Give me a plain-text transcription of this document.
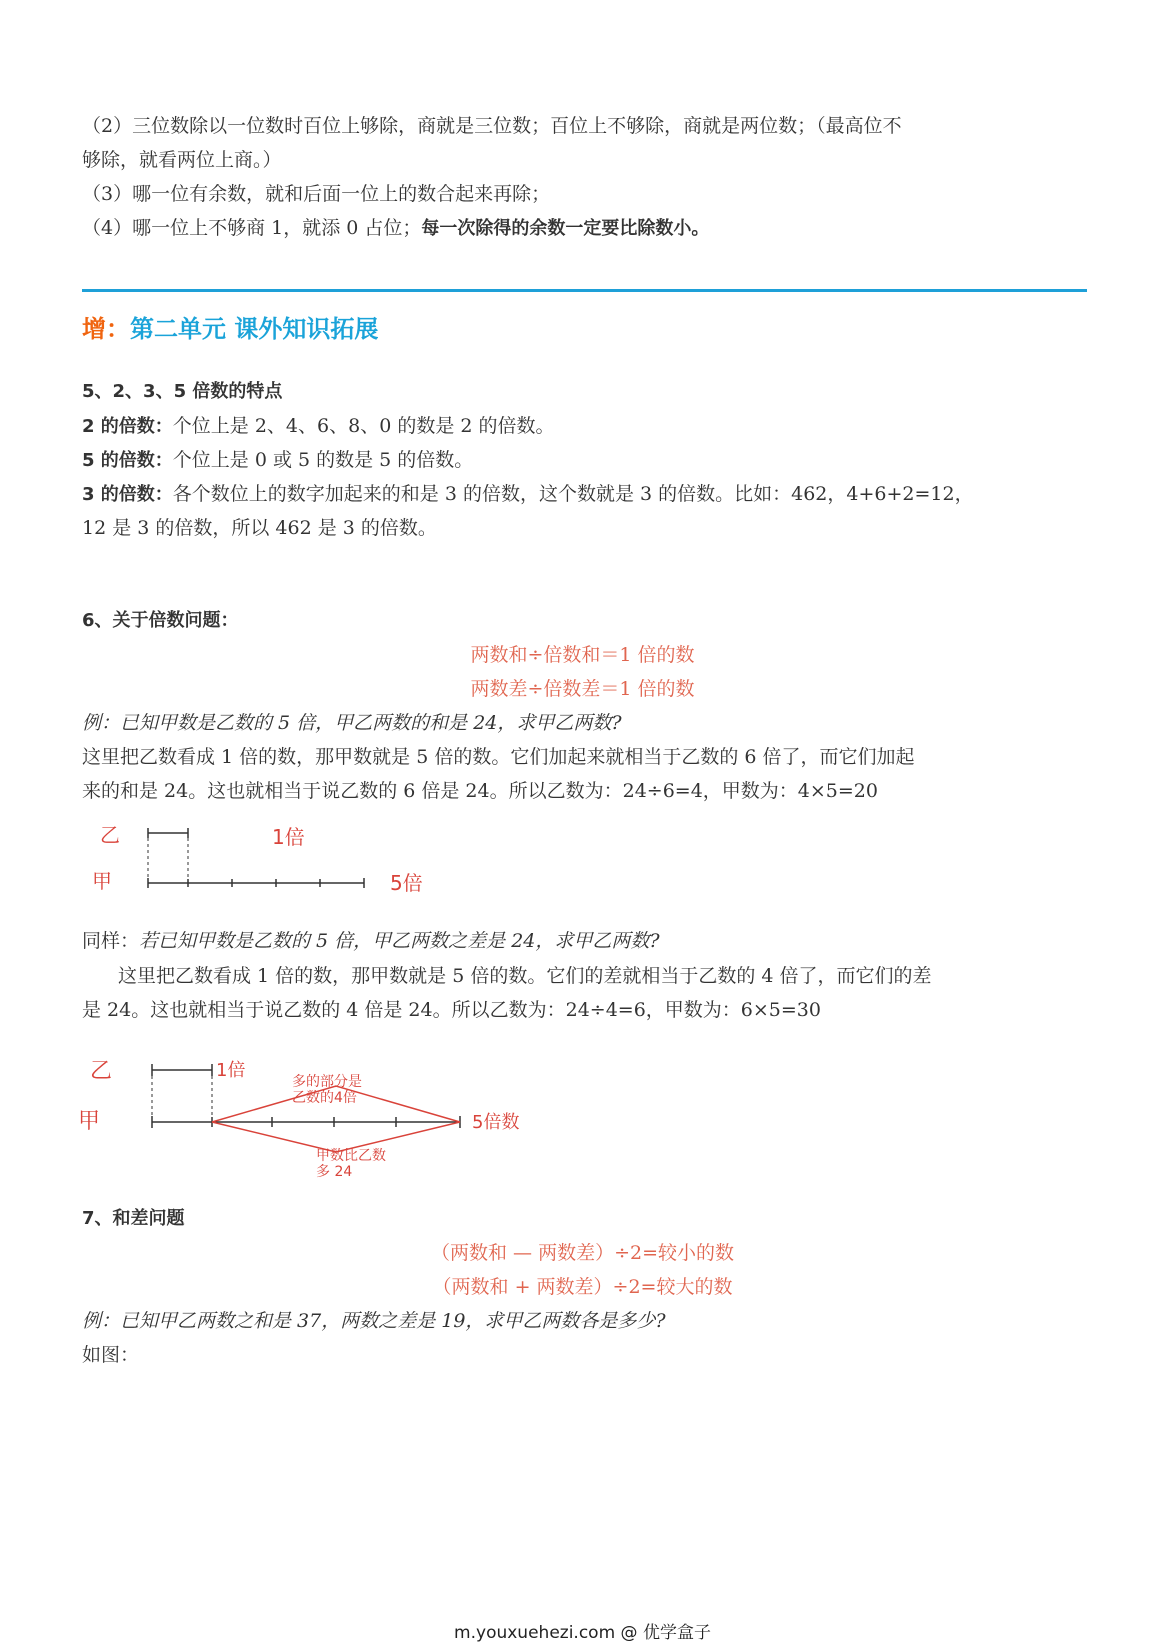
（2）三位数除以一位数时百位上够除，商就是三位数；百位上不够除，商就是两位数；（最高位不
够除，就看两位上商。）
（3）哪一位有余数，就和后面一位上的数合起来再除；
（4）哪一位上不够商 1，就添 0 占位；每一次除得的余数一定要比除数小。
增：第二单元 课外知识拓展
5、2、3、5 倍数的特点
2 的倍数：个位上是 2、4、6、8、0 的数是 2 的倍数。
5 的倍数：个位上是 0 或 5 的数是 5 的倍数。
3 的倍数：各个数位上的数字加起来的和是 3 的倍数，这个数就是 3 的倍数。比如：462，4+6+2=12，
12 是 3 的倍数，所以 462 是 3 的倍数。
6、关于倍数问题：
两数和÷倍数和＝1 倍的数
两数差÷倍数差＝1 倍的数
例：已知甲数是乙数的 5 倍，甲乙两数的和是 24，求甲乙两数?
这里把乙数看成 1 倍的数，那甲数就是 5 倍的数。它们加起来就相当于乙数的 6 倍了，而它们加起
来的和是 24。这也就相当于说乙数的 6 倍是 24。所以乙数为：24÷6=4，甲数为：4×5=20
乙
甲
1倍
5倍
同样：若已知甲数是乙数的 5 倍，甲乙两数之差是 24，求甲乙两数?
这里把乙数看成 1 倍的数，那甲数就是 5 倍的数。它们的差就相当于乙数的 4 倍了，而它们的差
是 24。这也就相当于说乙数的 4 倍是 24。所以乙数为：24÷4=6，甲数为：6×5=30
乙
甲
1倍
多的部分是
乙数的4倍
5倍数
甲数比乙数
多 24
7、和差问题
（两数和 — 两数差）÷2=较小的数
（两数和 + 两数差）÷2=较大的数
例：已知甲乙两数之和是 37，两数之差是 19，求甲乙两数各是多少?
如图：
m.youxuehezi.com @ 优学盒子
